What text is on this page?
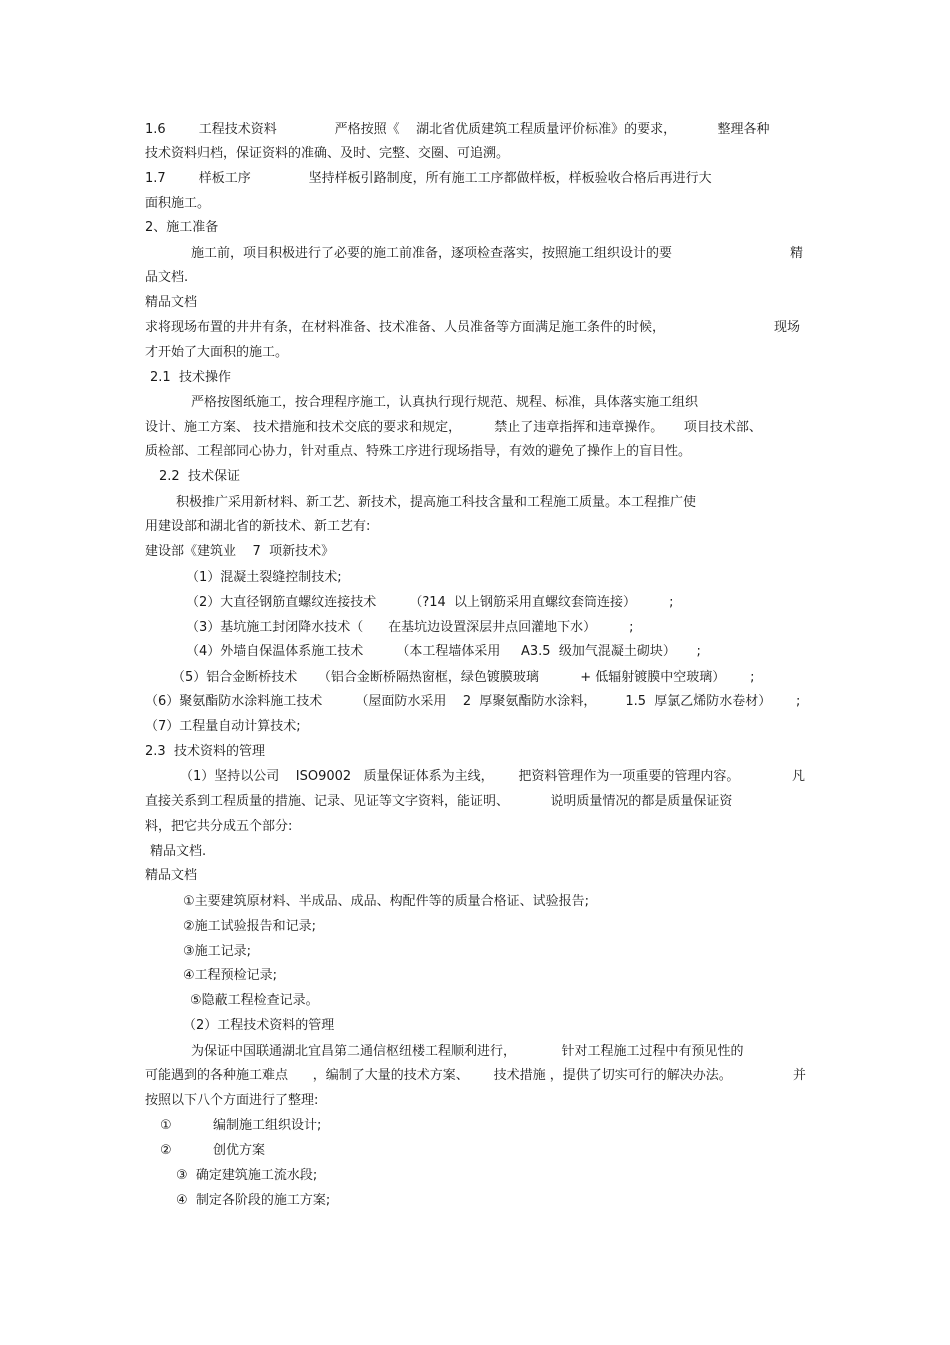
1.6        工程技术资料              严格按照《    湖北省优质建筑工程质量评价标准》的要求，          整理各种
技术资料归档，保证资料的准确、及时、完整、交圈、可追溯。
1.7        样板工序              坚持样板引路制度，所有施工工序都做样板，样板验收合格后再进行大
面积施工。
2、施工准备
施工前，项目积极进行了必要的施工前准备，逐项检查落实，按照施工组织设计的要	精
品文档.
精品文档
求将现场布置的井井有条，在材料准备、技术准备、人员准备等方面满足施工条件的时候，	现场
才开始了大面积的施工。
2.1  技术操作
严格按图纸施工，按合理程序施工，认真执行现行规范、规程、标准，具体落实施工组织
设计、施工方案、 技术措施和技术交底的要求和规定，        禁止了违章指挥和违章操作。     项目技术部、
质检部、工程部同心协力，针对重点、特殊工序进行现场指导，有效的避免了操作上的盲目性。
2.2  技术保证
积极推广采用新材料、新工艺、新技术，提高施工科技含量和工程施工质量。本工程推广使
用建设部和湖北省的新技术、新工艺有:
建设部《建筑业    7  项新技术》
（1）混凝土裂缝控制技术;
（2）大直径钢筋直螺纹连接技术        （?14  以上钢筋采用直螺纹套筒连接）        ;
（3）基坑施工封闭降水技术（      在基坑边设置深层井点回灌地下水）        ;
（4）外墙自保温体系施工技术        （本工程墙体采用     A3.5  级加气混凝土砌块）     ;
（5）铝合金断桥技术     （铝合金断桥隔热窗框，绿色镀膜玻璃          + 低辐射镀膜中空玻璃）      ;
（6）聚氨酯防水涂料施工技术        （屋面防水采用    2  厚聚氨酯防水涂料，       1.5  厚氯乙烯防水卷材）      ;
（7）工程量自动计算技术;
2.3  技术资料的管理
（1）坚持以公司    ISO9002   质量保证体系为主线，      把资料管理作为一项重要的管理内容。	凡
直接关系到工程质量的措施、记录、见证等文字资料，能证明、          说明质量情况的都是质量保证资
料，把它共分成五个部分:
精品文档.
精品文档
①主要建筑原材料、半成品、成品、构配件等的质量合格证、试验报告;
②施工试验报告和记录;
③施工记录;
④工程预检记录;
⑤隐蔽工程检查记录。
（2）工程技术资料的管理
为保证中国联通湖北宜昌第二通信枢纽楼工程顺利进行，           针对工程施工过程中有预见性的
可能遇到的各种施工难点      ，编制了大量的技术方案、      技术措施 ，提供了切实可行的解决办法。	并
按照以下八个方面进行了整理:
①          编制施工组织设计;
②          创优方案
③  确定建筑施工流水段;
④  制定各阶段的施工方案;
